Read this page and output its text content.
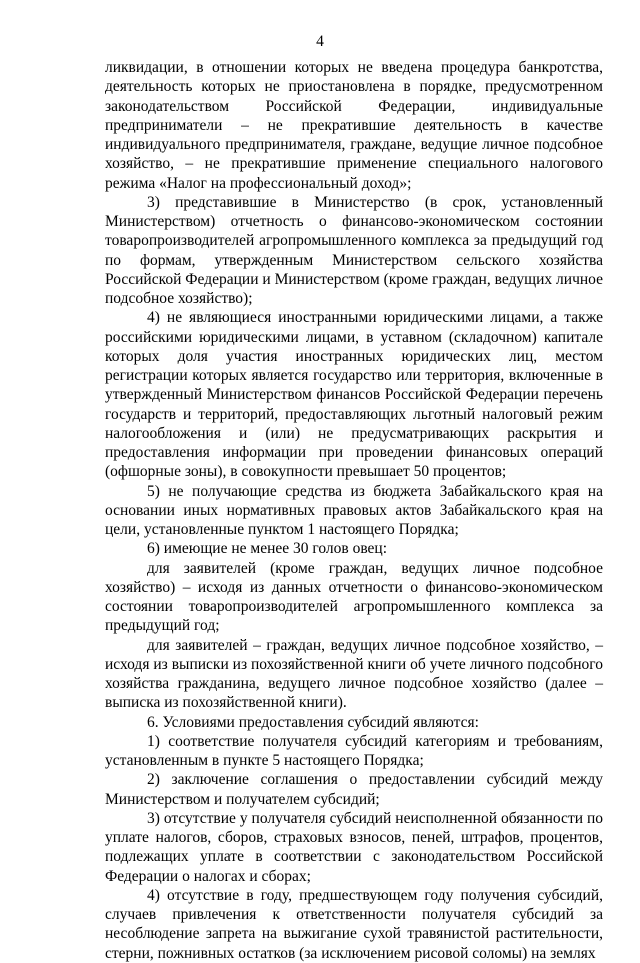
4

ликвидации, в отношении которых не введена процедура банкротства, деятельность которых не приостановлена в порядке, предусмотренном законодательством Российской Федерации, индивидуальные предприниматели – не прекратившие деятельность в качестве индивидуального предпринимателя, граждане, ведущие личное подсобное хозяйство, – не прекратившие применение специального налогового режима «Налог на профессиональный доход»;

3) представившие в Министерство (в срок, установленный Министерством) отчетность о финансово-экономическом состоянии товаропроизводителей агропромышленного комплекса за предыдущий год по формам, утвержденным Министерством сельского хозяйства Российской Федерации и Министерством (кроме граждан, ведущих личное подсобное хозяйство);

4) не являющиеся иностранными юридическими лицами, а также российскими юридическими лицами, в уставном (складочном) капитале которых доля участия иностранных юридических лиц, местом регистрации которых является государство или территория, включенные в утвержденный Министерством финансов Российской Федерации перечень государств и территорий, предоставляющих льготный налоговый режим налогообложения и (или) не предусматривающих раскрытия и предоставления информации при проведении финансовых операций (офшорные зоны), в совокупности превышает 50 процентов;

5) не получающие средства из бюджета Забайкальского края на основании иных нормативных правовых актов Забайкальского края на цели, установленные пунктом 1 настоящего Порядка;

6) имеющие не менее 30 голов овец:

для заявителей (кроме граждан, ведущих личное подсобное хозяйство) – исходя из данных отчетности о финансово-экономическом состоянии товаропроизводителей агропромышленного комплекса за предыдущий год;

для заявителей – граждан, ведущих личное подсобное хозяйство, – исходя из выписки из похозяйственной книги об учете личного подсобного хозяйства гражданина, ведущего личное подсобное хозяйство (далее – выписка из похозяйственной книги).

6. Условиями предоставления субсидий являются:

1) соответствие получателя субсидий категориям и требованиям, установленным в пункте 5 настоящего Порядка;

2) заключение соглашения о предоставлении субсидий между Министерством и получателем субсидий;

3) отсутствие у получателя субсидий неисполненной обязанности по уплате налогов, сборов, страховых взносов, пеней, штрафов, процентов, подлежащих уплате в соответствии с законодательством Российской Федерации о налогах и сборах;

4) отсутствие в году, предшествующем году получения субсидий, случаев привлечения к ответственности получателя субсидий за несоблюдение запрета на выжигание сухой травянистой растительности, стерни, пожнивных остатков (за исключением рисовой соломы) на землях
